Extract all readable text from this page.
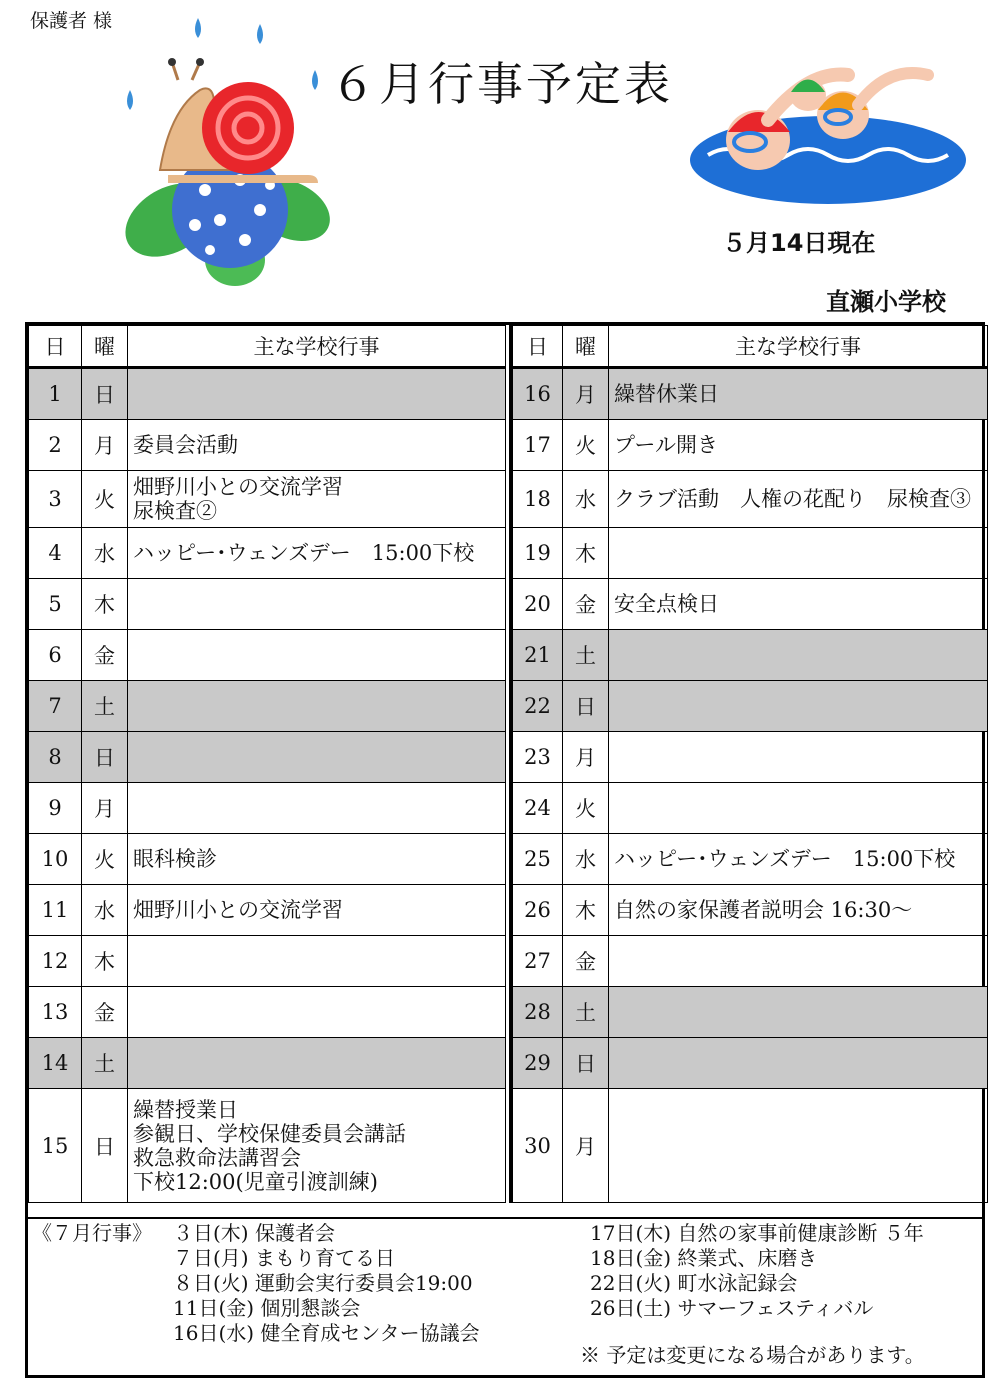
保護者 様
６月行事予定表
５月14日現在
直瀬小学校
日	曜	主な学校行事
1	日	
2	月	委員会活動

3	火	畑野川小との交流学習
尿検査②

4	水	ハッピー･ウェンズデー　15:00下校

5	木	
6	金	
7	土	
8	日	
9	月	
10	火	眼科検診

11	水	畑野川小との交流学習

12	木	
13	金	
14	土	
15	日	繰替授業日
参観日、学校保健委員会講話
救急救命法講習会
下校12:00(児童引渡訓練)
日	曜	主な学校行事
16	月	繰替休業日

17	火	プール開き

18	水	クラブ活動　人権の花配り　尿検査③

19	木	
20	金	安全点検日

21	土	
22	日	
23	月	
24	火	
25	水	ハッピー･ウェンズデー　15:00下校

26	木	自然の家保護者説明会 16:30～

27	金	
28	土	
29	日	
30	月	
《７月行事》 ３日(木) 保護者会
７日(月) まもり育てる日
８日(火) 運動会実行委員会19:00
11日(金) 個別懇談会
16日(水) 健全育成センター協議会
17日(木) 自然の家事前健康診断 ５年
18日(金) 終業式、床磨き
22日(火) 町水泳記録会
26日(土) サマーフェスティバル
※ 予定は変更になる場合があります。
